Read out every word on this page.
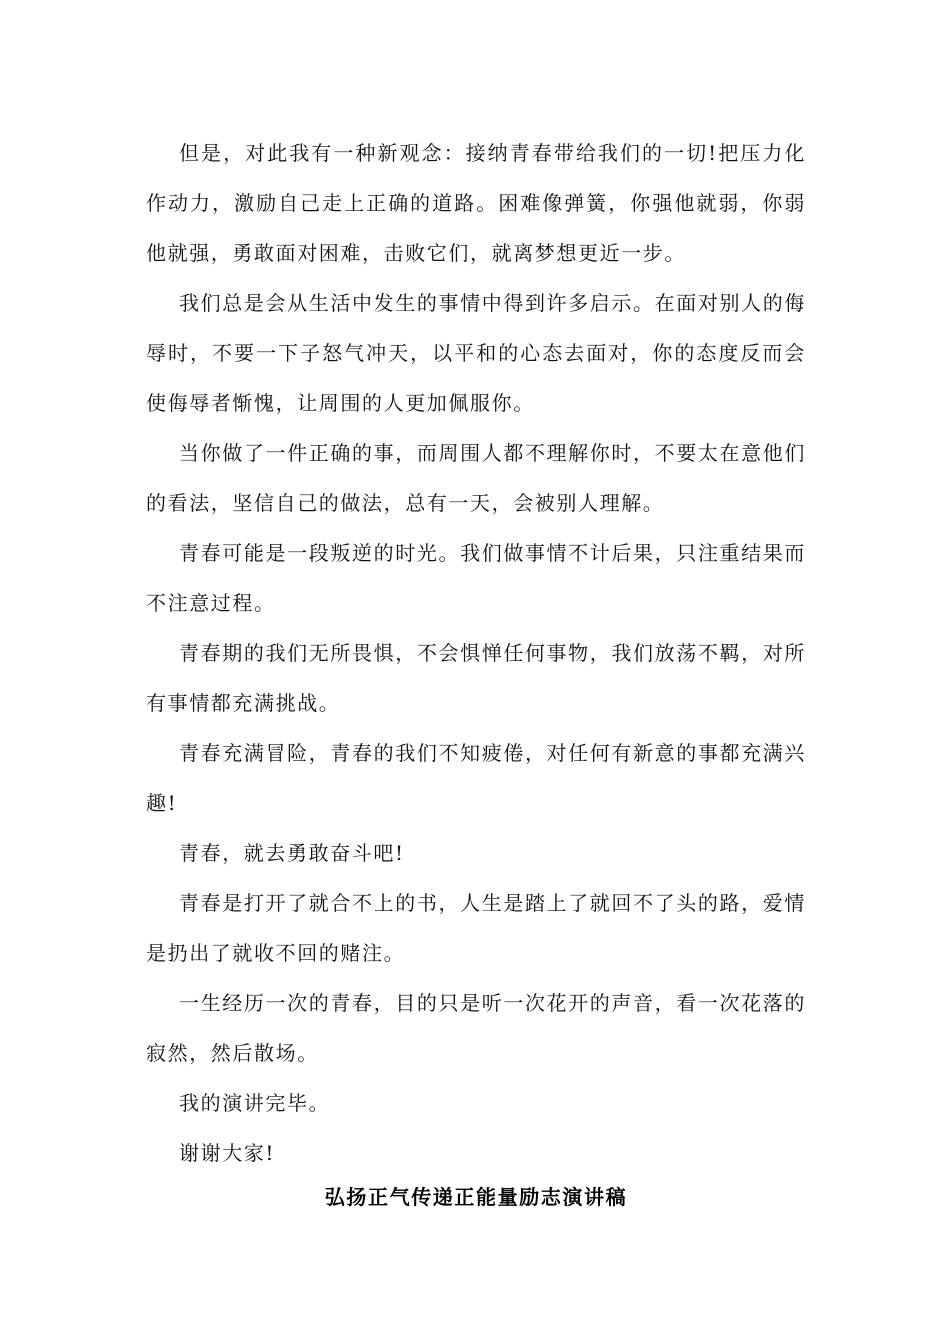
但是，对此我有一种新观念：接纳青春带给我们的一切!把压力化作动力，激励自己走上正确的道路。困难像弹簧，你强他就弱，你弱他就强，勇敢面对困难，击败它们，就离梦想更近一步。

我们总是会从生活中发生的事情中得到许多启示。在面对别人的侮辱时，不要一下子怒气冲天，以平和的心态去面对，你的态度反而会使侮辱者惭愧，让周围的人更加佩服你。

当你做了一件正确的事，而周围人都不理解你时，不要太在意他们的看法，坚信自己的做法，总有一天，会被别人理解。

青春可能是一段叛逆的时光。我们做事情不计后果，只注重结果而不注意过程。

青春期的我们无所畏惧，不会惧惮任何事物，我们放荡不羁，对所有事情都充满挑战。

青春充满冒险，青春的我们不知疲倦，对任何有新意的事都充满兴趣!

青春，就去勇敢奋斗吧!

青春是打开了就合不上的书，人生是踏上了就回不了头的路，爱情是扔出了就收不回的赌注。

一生经历一次的青春，目的只是听一次花开的声音，看一次花落的寂然，然后散场。

我的演讲完毕。

谢谢大家!

弘扬正气传递正能量励志演讲稿
